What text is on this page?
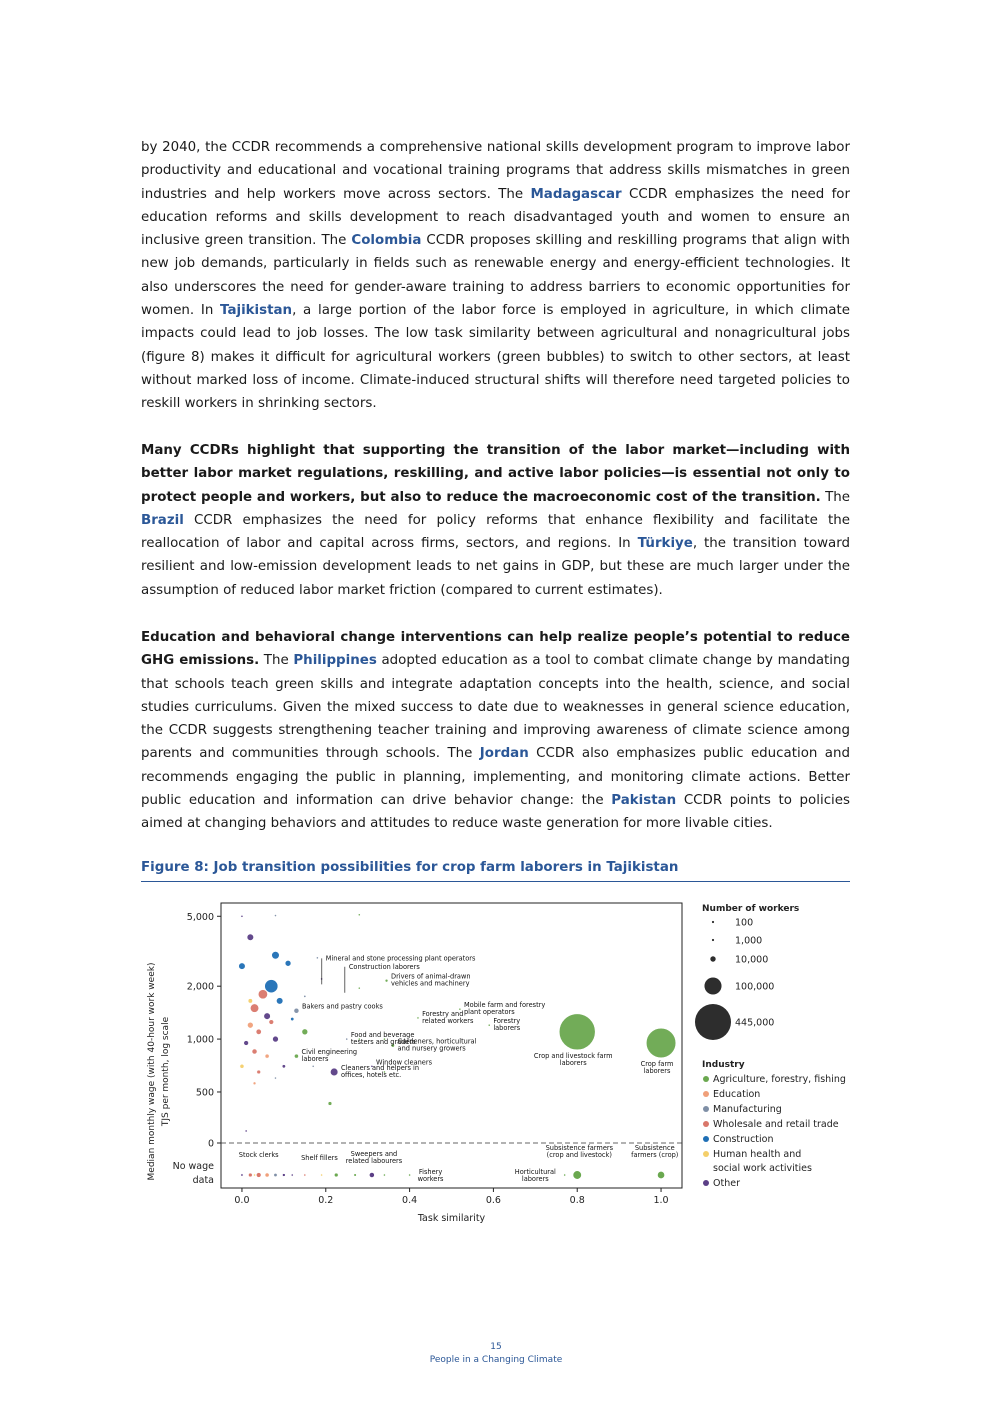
by 2040, the CCDR recommends a comprehensive national skills development program to improve labor productivity and educational and vocational training programs that address skills mismatches in green industries and help workers move across sectors. The Madagascar CCDR emphasizes the need for education reforms and skills development to reach disadvantaged youth and women to ensure an inclusive green transition. The Colombia CCDR proposes skilling and reskilling programs that align with new job demands, particularly in fields such as renewable energy and energy-efficient technologies. It also underscores the need for gender-aware training to address barriers to economic opportunities for women. In Tajikistan, a large portion of the labor force is employed in agriculture, in which climate impacts could lead to job losses. The low task similarity between agricultural and nonagricultural jobs (figure 8) makes it difficult for agricultural workers (green bubbles) to switch to other sectors, at least without marked loss of income. Climate-induced structural shifts will therefore need targeted policies to reskill workers in shrinking sectors.

Many CCDRs highlight that supporting the transition of the labor market—including with better labor market regulations, reskilling, and active labor policies—is essential not only to protect people and workers, but also to reduce the macroeconomic cost of the transition. The Brazil CCDR emphasizes the need for policy reforms that enhance flexibility and facilitate the reallocation of labor and capital across firms, sectors, and regions. In Türkiye, the transition toward resilient and low-emission development leads to net gains in GDP, but these are much larger under the assumption of reduced labor market friction (compared to current estimates).

Education and behavioral change interventions can help realize people’s potential to reduce GHG emissions. The Philippines adopted education as a tool to combat climate change by mandating that schools teach green skills and integrate adaptation concepts into the health, science, and social studies curriculums. Given the mixed success to date due to weaknesses in general science education, the CCDR suggests strengthening teacher training and improving awareness of climate science among parents and communities through schools. The Jordan CCDR also emphasizes public education and recommends engaging the public in planning, implementing, and monitoring climate actions. Better public education and information can drive behavior change: the Pakistan CCDR points to policies aimed at changing behaviors and attitudes to reduce waste generation for more livable cities.

Figure 8: Job transition possibilities for crop farm laborers in Tajikistan

5,000
2,000
1,000
500
0
No wage
data
0.0	0.2	0.4	0.6	0.8	1.0
Task similarity
Median monthly wage (with 40-hour work week) TJS per month, log scale	Crop and livestock farm
laborers	Crop farm
laborers
Civil engineering
laborers
Gardeners, horticultural
and nursery growers
Drivers of animal-drawn
vehicles and machinery
Forestry and
related workers
Mobile farm and forestry
plant operators
Forestry
laborers
Cleaners and helpers in
offices, hotels etc.
Bakers and pastry cooks
Food and beverage
testers and graders
Window cleaners
Mineral and stone processing plant operators
Construction laborers
Stock clerks	Shelf fillers Sweepers and
related labourers
Fishery
workers
Horticultural
laborers
Subsistence farmers
(crop and livestock)
Subsistence
farmers (crop)
Number of workers
100
1,000
10,000
100,000
445,000
Industry
Agriculture, forestry, fishing
Education
Manufacturing
Wholesale and retail trade
Construction
Human health and
social work activities
Other
15
People in a Changing Climate
